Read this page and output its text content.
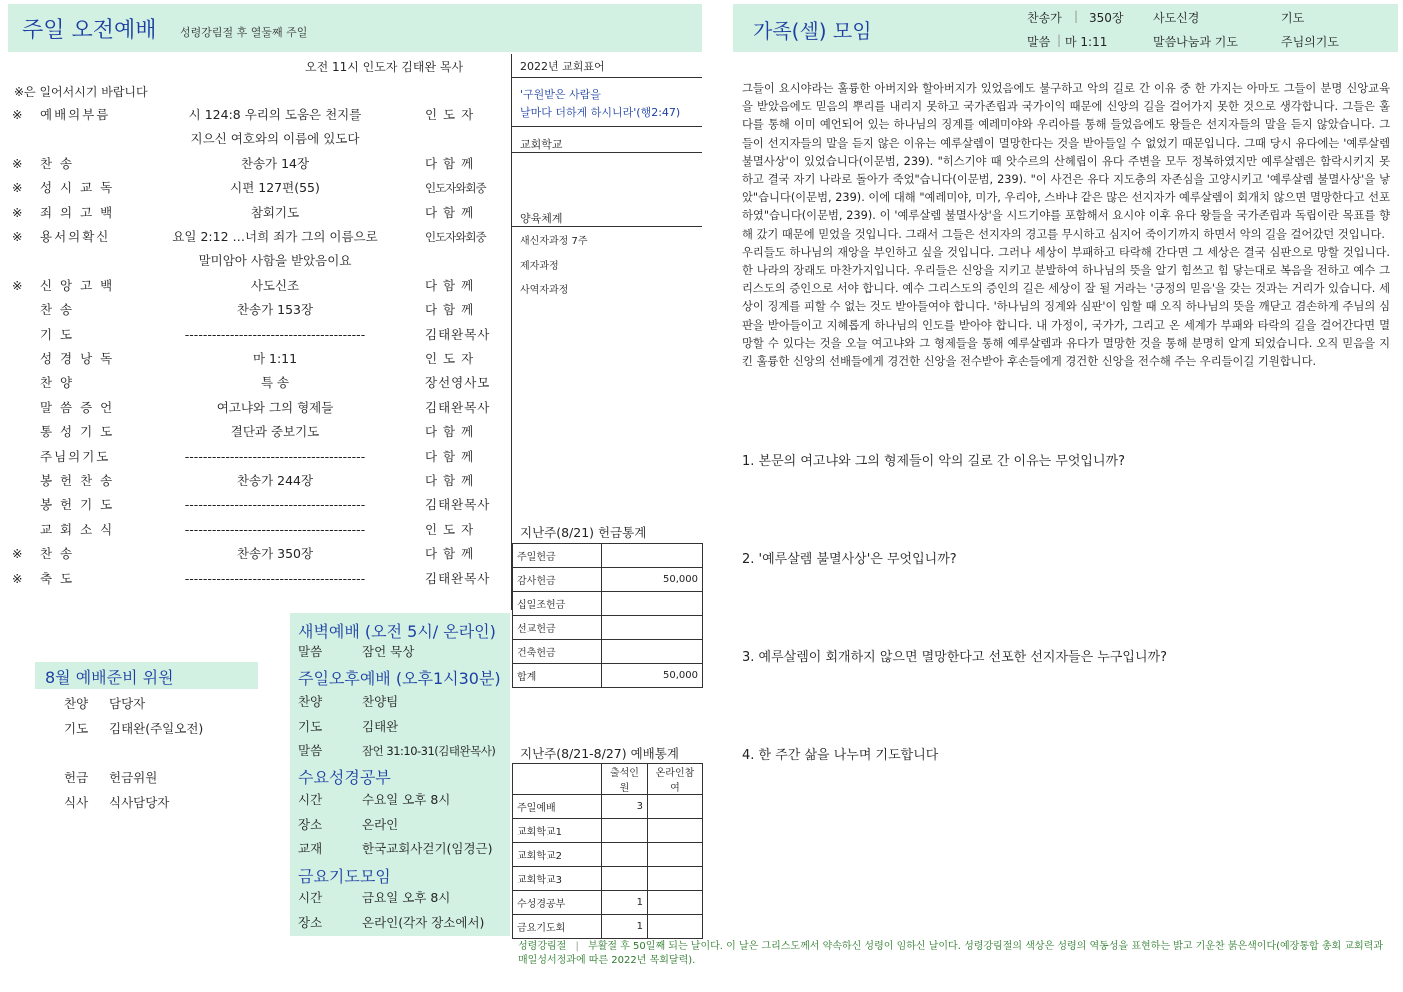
주일 오전예배 성령강림절 후 열둘째 주일	가족(셀) 모임
찬송가	| 350장	사도신경	기도
말씀 | 마 1:11	말씀나눔과 기도	주님의기도
오전 11시 인도자 김태완 목사
※은 일어서시기 바랍니다
※ 예배의부름	시 124:8 우리의 도움은 천지를	인 도 자
지으신 여호와의 이름에 있도다
※ 찬 송	찬송가 14장	다 함 께
※ 성 시 교 독	시편 127편(55)	인도자와회중
※ 죄 의 고 백	참회기도	다 함 께
※ 용서의확신	요일 2:12 …너희 죄가 그의 이름으로	인도자와회중
말미암아 사함을 받았음이요
※ 신 앙 고 백	사도신조	다 함 께
찬 송	찬송가 153장	다 함 께
기 도	----------------------------------------	김태완목사
성 경 낭 독	마 1:11	인 도 자
찬 양	특 송	장선영사모
말 씀 증 언	여고냐와 그의 형제들	김태완목사
통 성 기 도	결단과 중보기도	다 함 께
주님의기도	----------------------------------------	다 함 께
봉 헌 찬 송	찬송가 244장	다 함 께
봉 헌 기 도	----------------------------------------	김태완목사
교 회 소 식	----------------------------------------	인 도 자
※ 찬 송	찬송가 350장	다 함 께
※ 축 도	----------------------------------------	김태완목사
2022년 교회표어
'구원받은 사람을
날마다 더하게 하시니라'(행2:47)
교회학교
양육체계
새신자과정 7주
제자과정
사역자과정
지난주(8/21) 헌금통계
주일헌금	
감사헌금	50,000
십일조헌금	
선교헌금	
건축헌금	
합계	50,000
지난주(8/21-8/27) 예배통계
	출석인원	온라인참여
주일예배	3	
교회학교1		
교회학교2		
교회학교3		
수성경공부	1	
금요기도회	1	
새벽예배 (오전 5시/ 온라인)
말씀	잠언 묵상
주일오후예배 (오후1시30분)
찬양	찬양팀
기도	김태완
말씀	잠언 31:10-31(김태완목사)
수요성경공부
시간	수요일 오후 8시
장소	온라인
교재	한국교회사걷기(임경근)
금요기도모임
시간	금요일 오후 8시
장소	온라인(각자 장소에서)
8월 예배준비 위원
찬양 담당자
기도 김태완(주일오전)
헌금 헌금위원
식사 식사담당자
그들이 요시야라는 훌륭한 아버지와 할아버지가 있었음에도 불구하고 악의 길로 간 이유 중 한 가지는 아마도 그들이 분명 신앙교육을 받았음에도 믿음의 뿌리를 내리지 못하고 국가존립과 국가이익 때문에 신앙의 길을 걸어가지 못한 것으로 생각합니다. 그들은 훌다를 통해 이미 예언되어 있는 하나님의 징계를 예레미야와 우리아를 통해 들었음에도 왕들은 선지자들의 말을 듣지 않았습니다. 그들이 선지자들의 말을 듣지 않은 이유는 예루살렘이 멸망한다는 것을 받아들일 수 없었기 때문입니다. 그때 당시 유다에는 '예루살렘 불멸사상'이 있었습니다(이문범, 239). "히스기야 때 앗수르의 산헤립이 유다 주변을 모두 정복하였지만 예루살렘은 함락시키지 못하고 결국 자기 나라로 돌아가 죽었"습니다(이문범, 239). "이 사건은 유다 지도층의 자존심을 고양시키고 '예루살렘 불멸사상'을 낳았"습니다(이문범, 239). 이에 대해 "예레미야, 미가, 우리야, 스바냐 같은 많은 선지자가 예루살렘이 회개치 않으면 멸망한다고 선포하였"습니다(이문범, 239). 이 '예루살렘 불멸사상'을 시드기야를 포함해서 요시야 이후 유다 왕들을 국가존립과 독립이란 목표를 향해 갔기 때문에 믿었을 것입니다. 그래서 그들은 선지자의 경고를 무시하고 심지어 죽이기까지 하면서 악의 길을 걸어갔던 것입니다.
우리들도 하나님의 재앙을 부인하고 싶을 것입니다. 그러나 세상이 부패하고 타락해 간다면 그 세상은 결국 심판으로 망할 것입니다. 한 나라의 장래도 마찬가지입니다. 우리들은 신앙을 지키고 분발하여 하나님의 뜻을 알기 힘쓰고 힘 닿는대로 복음을 전하고 예수 그리스도의 증인으로 서야 합니다. 예수 그리스도의 증인의 길은 세상이 잘 될 거라는 '긍정의 믿음'을 갖는 것과는 거리가 있습니다. 세상이 징계를 피할 수 없는 것도 받아들여야 합니다. '하나님의 징계와 심판'이 임할 때 오직 하나님의 뜻을 깨닫고 겸손하게 주님의 심판을 받아들이고 지혜롭게 하나님의 인도를 받아야 합니다. 내 가정이, 국가가, 그리고 온 세계가 부패와 타락의 길을 걸어간다면 멸망할 수 있다는 것을 오늘 여고냐와 그 형제들을 통해 예루살렘과 유다가 멸망한 것을 통해 분명히 알게 되었습니다. 오직 믿음을 지킨 훌륭한 신앙의 선배들에게 경건한 신앙을 전수받아 후손들에게 경건한 신앙을 전수해 주는 우리들이길 기원합니다.
1. 본문의 여고냐와 그의 형제들이 악의 길로 간 이유는 무엇입니까?
2. '예루살렘 불멸사상'은 무엇입니까?
3. 예루살렘이 회개하지 않으면 멸망한다고 선포한 선지자들은 누구입니까?
4. 한 주간 삶을 나누며 기도합니다
성령강림절 | 부활절 후 50일째 되는 날이다. 이 날은 그리스도께서 약속하신 성령이 임하신 날이다. 성령강림절의 색상은 성령의 역동성을 표현하는 밝고 기운찬 붉은색이다(예장통합 총회 교회력과 매일성서정과에 따른 2022년 목회달력).
